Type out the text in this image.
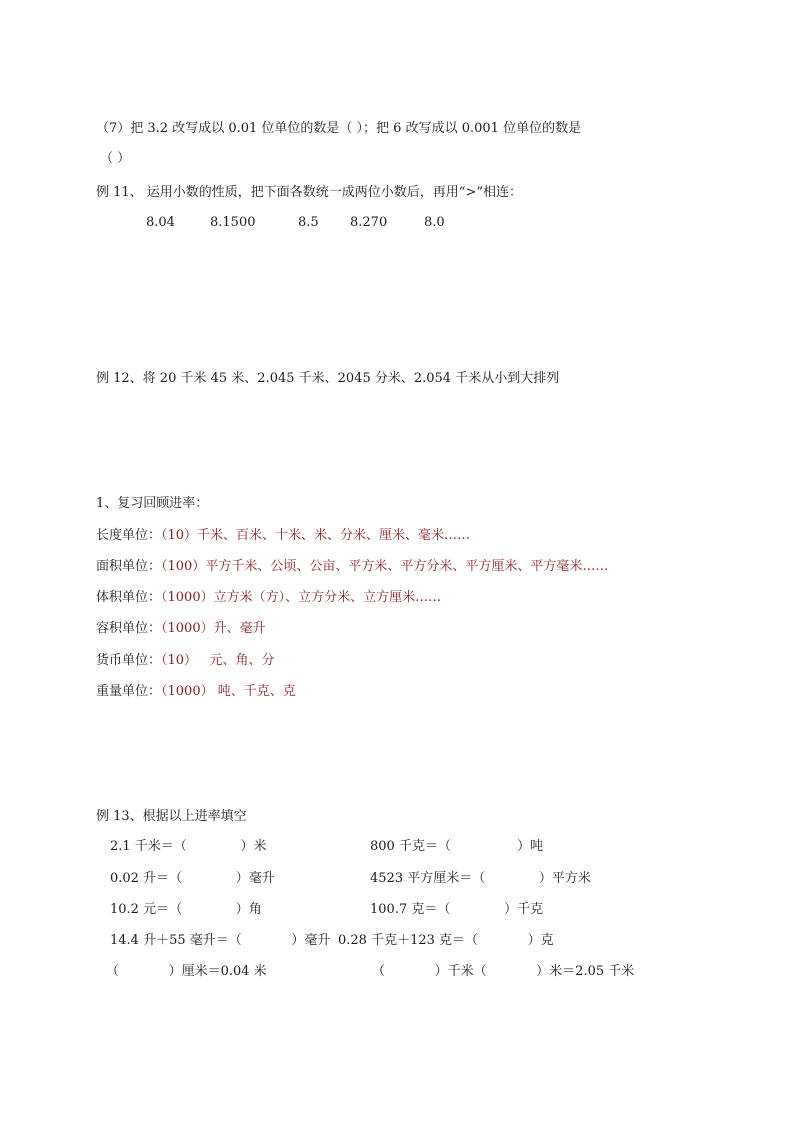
（7）把 3.2 改写成以 0.01 位单位的数是（ ）；把 6 改写成以 0.001 位单位的数是
（ ）
例 11、 运用小数的性质，把下面各数统一成两位小数后，再用“>”相连：
8.04	8.1500	8.5 8.270	8.0
例 12、将 20 千米 45 米、2.045 千米、2045 分米、2.054 千米从小到大排列
1、复习回顾进率：
长度单位：（10）千米、百米、十米、米、分米、厘米、毫米……
面积单位：（100）平方千米、公顷、公亩、平方米、平方分米、平方厘米、平方毫米……
体积单位：（1000）立方米（方）、立方分米、立方厘米……
容积单位：（1000）升、毫升
货币单位：（10）   元、角、分
重量单位：（1000） 吨、千克、克
例 13、根据以上进率填空
2.1 千米＝（             ）米
0.02 升＝（             ）毫升
10.2 元＝（             ）角
14.4 升＋55 毫升＝（            ）毫升
（            ）厘米＝0.04 米
800 千克＝（                ）吨
4523 平方厘米＝（             ）平方米
100.7 克＝（             ）千克
0.28 千克＋123 克＝（            ）克
（            ）千米（            ）米＝2.05 千米
